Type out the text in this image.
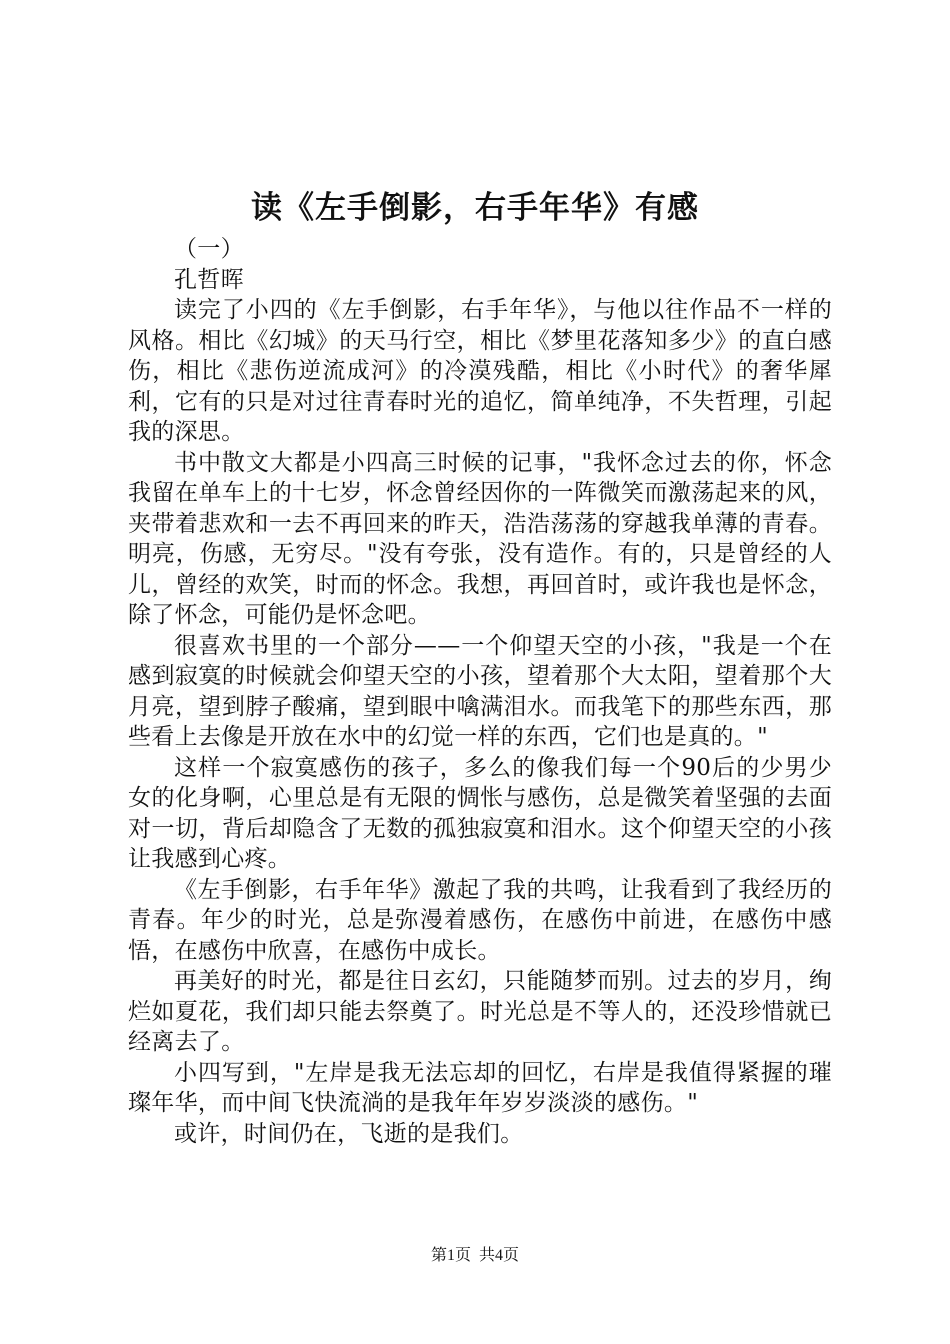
读《左手倒影，右手年华》有感

（一）

孔哲晖

读完了小四的《左手倒影，右手年华》，与他以往作品不一样的风格。相比《幻城》的天马行空，相比《梦里花落知多少》的直白感伤，相比《悲伤逆流成河》的冷漠残酷，相比《小时代》的奢华犀利，它有的只是对过往青春时光的追忆，简单纯净，不失哲理，引起我的深思。

书中散文大都是小四高三时候的记事，"我怀念过去的你，怀念我留在单车上的十七岁，怀念曾经因你的一阵微笑而激荡起来的风，夹带着悲欢和一去不再回来的昨天，浩浩荡荡的穿越我单薄的青春。明亮，伤感，无穷尽。"没有夸张，没有造作。有的，只是曾经的人儿，曾经的欢笑，时而的怀念。我想，再回首时，或许我也是怀念，除了怀念，可能仍是怀念吧。

很喜欢书里的一个部分——一个仰望天空的小孩，"我是一个在感到寂寞的时候就会仰望天空的小孩，望着那个大太阳，望着那个大月亮，望到脖子酸痛，望到眼中噙满泪水。而我笔下的那些东西，那些看上去像是开放在水中的幻觉一样的东西，它们也是真的。"

这样一个寂寞感伤的孩子，多么的像我们每一个90后的少男少女的化身啊，心里总是有无限的惆怅与感伤，总是微笑着坚强的去面对一切，背后却隐含了无数的孤独寂寞和泪水。这个仰望天空的小孩让我感到心疼。

《左手倒影，右手年华》激起了我的共鸣，让我看到了我经历的青春。年少的时光，总是弥漫着感伤，在感伤中前进，在感伤中感悟，在感伤中欣喜，在感伤中成长。

再美好的时光，都是往日玄幻，只能随梦而别。过去的岁月，绚烂如夏花，我们却只能去祭奠了。时光总是不等人的，还没珍惜就已经离去了。

小四写到，"左岸是我无法忘却的回忆，右岸是我值得紧握的璀璨年华，而中间飞快流淌的是我年年岁岁淡淡的感伤。"

或许，时间仍在，飞逝的是我们。

第1页 共4页
